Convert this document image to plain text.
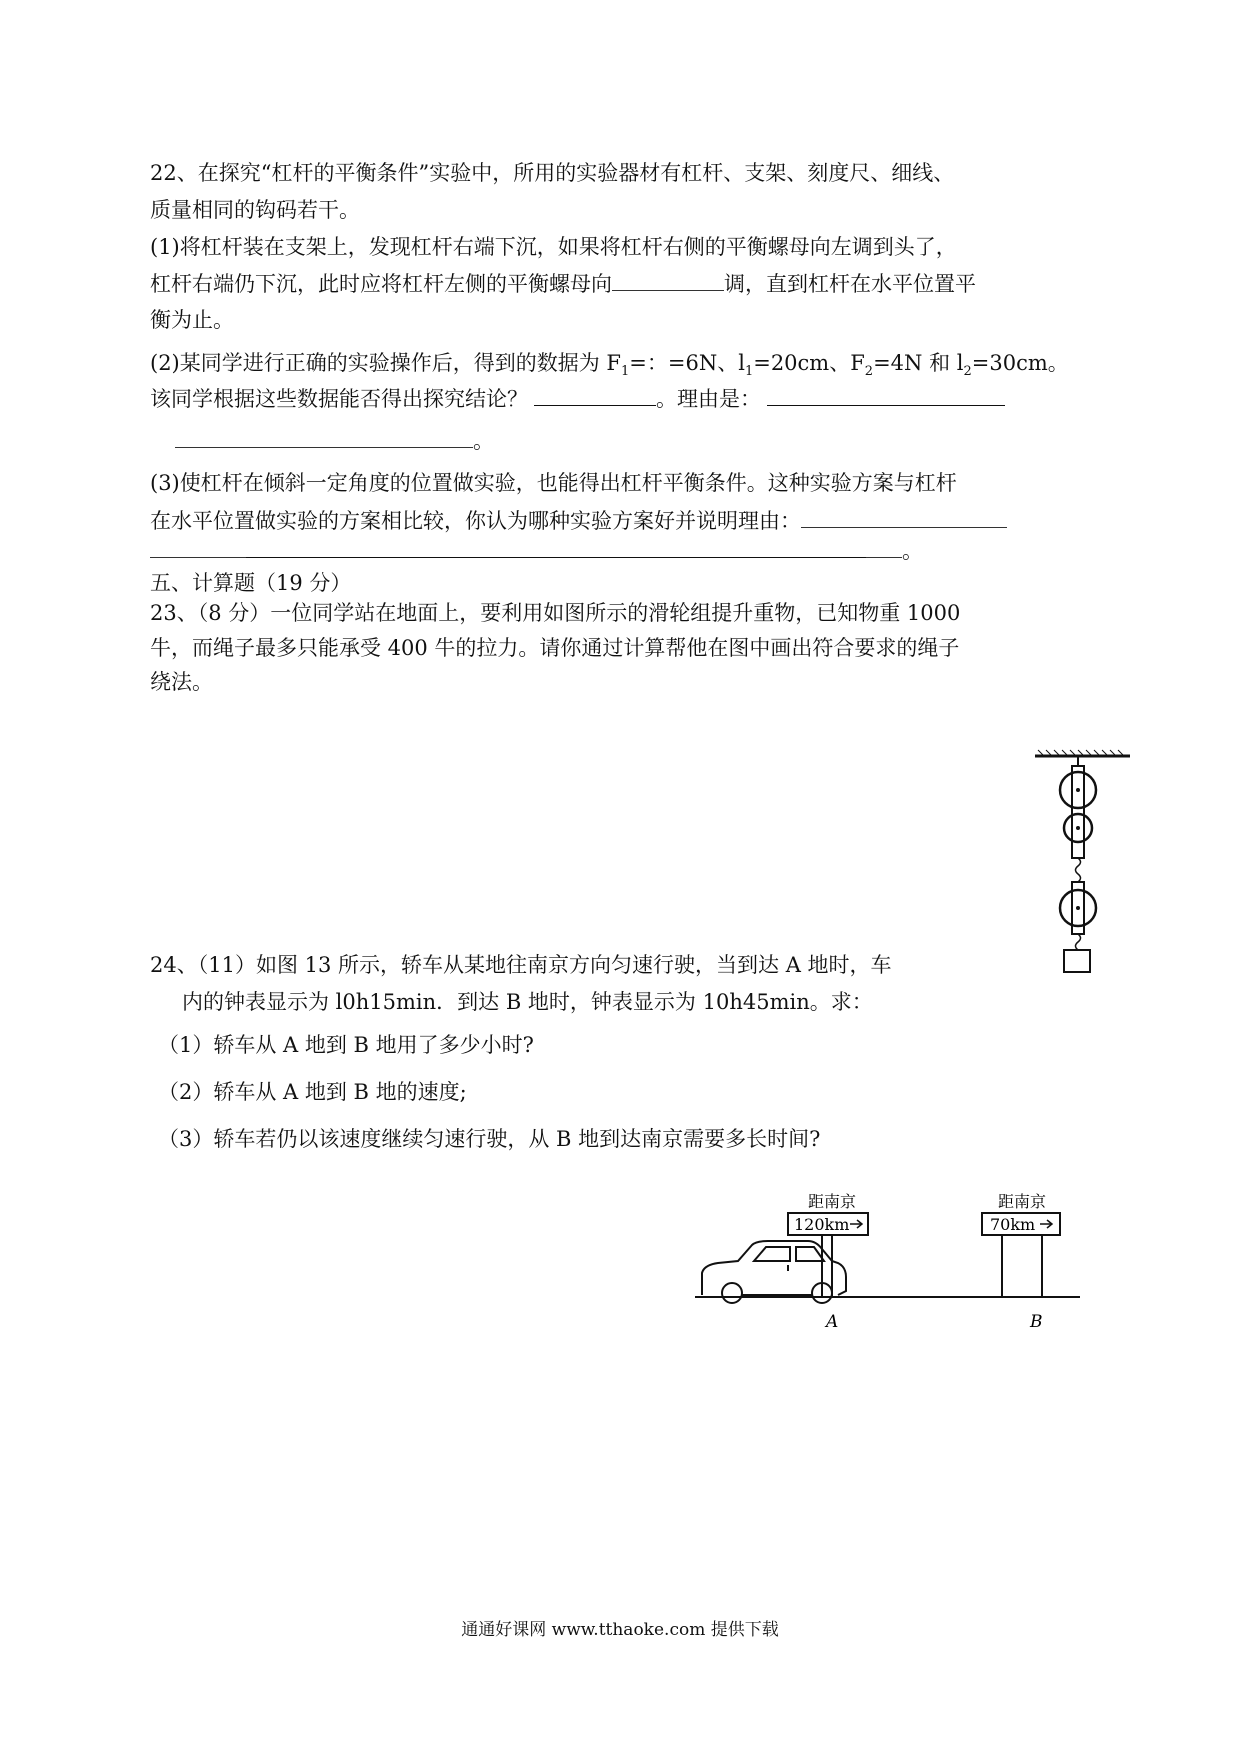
22、在探究“杠杆的平衡条件”实验中，所用的实验器材有杠杆、支架、刻度尺、细线、
质量相同的钩码若干。
(1)将杠杆装在支架上，发现杠杆右端下沉，如果将杠杆右侧的平衡螺母向左调到头了，
杠杆右端仍下沉，此时应将杠杆左侧的平衡螺母向	调，直到杠杆在水平位置平
衡为止。
(2)某同学进行正确的实验操作后，得到的数据为 $F_1=$：=6N、$l_1=20cm$、$F_2=4N$ 和 $l_2=30cm$。
该同学根据这些数据能否得出探究结论？	。理由是：
。
(3)使杠杆在倾斜一定角度的位置做实验，也能得出杠杆平衡条件。这种实验方案与杠杆
在水平位置做实验的方案相比较，你认为哪种实验方案好并说明理由：
。
五、计算题（19 分）
23、（8 分）一位同学站在地面上，要利用如图所示的滑轮组提升重物，已知物重 1000
牛，而绳子最多只能承受 400 牛的拉力。请你通过计算帮他在图中画出符合要求的绳子
绕法。
24、（11）如图 13 所示，轿车从某地往南京方向匀速行驶，当到达 A 地时，车
内的钟表显示为 l0h15min．到达 B 地时，钟表显示为 10h45min。求：
（1）轿车从 A 地到 B 地用了多少小时?
（2）轿车从 A 地到 B 地的速度;
（3）轿车若仍以该速度继续匀速行驶，从 B 地到达南京需要多长时间?
距南京
120km
A
距南京
70km
B
通通好课网 www.tthaoke.com 提供下载
